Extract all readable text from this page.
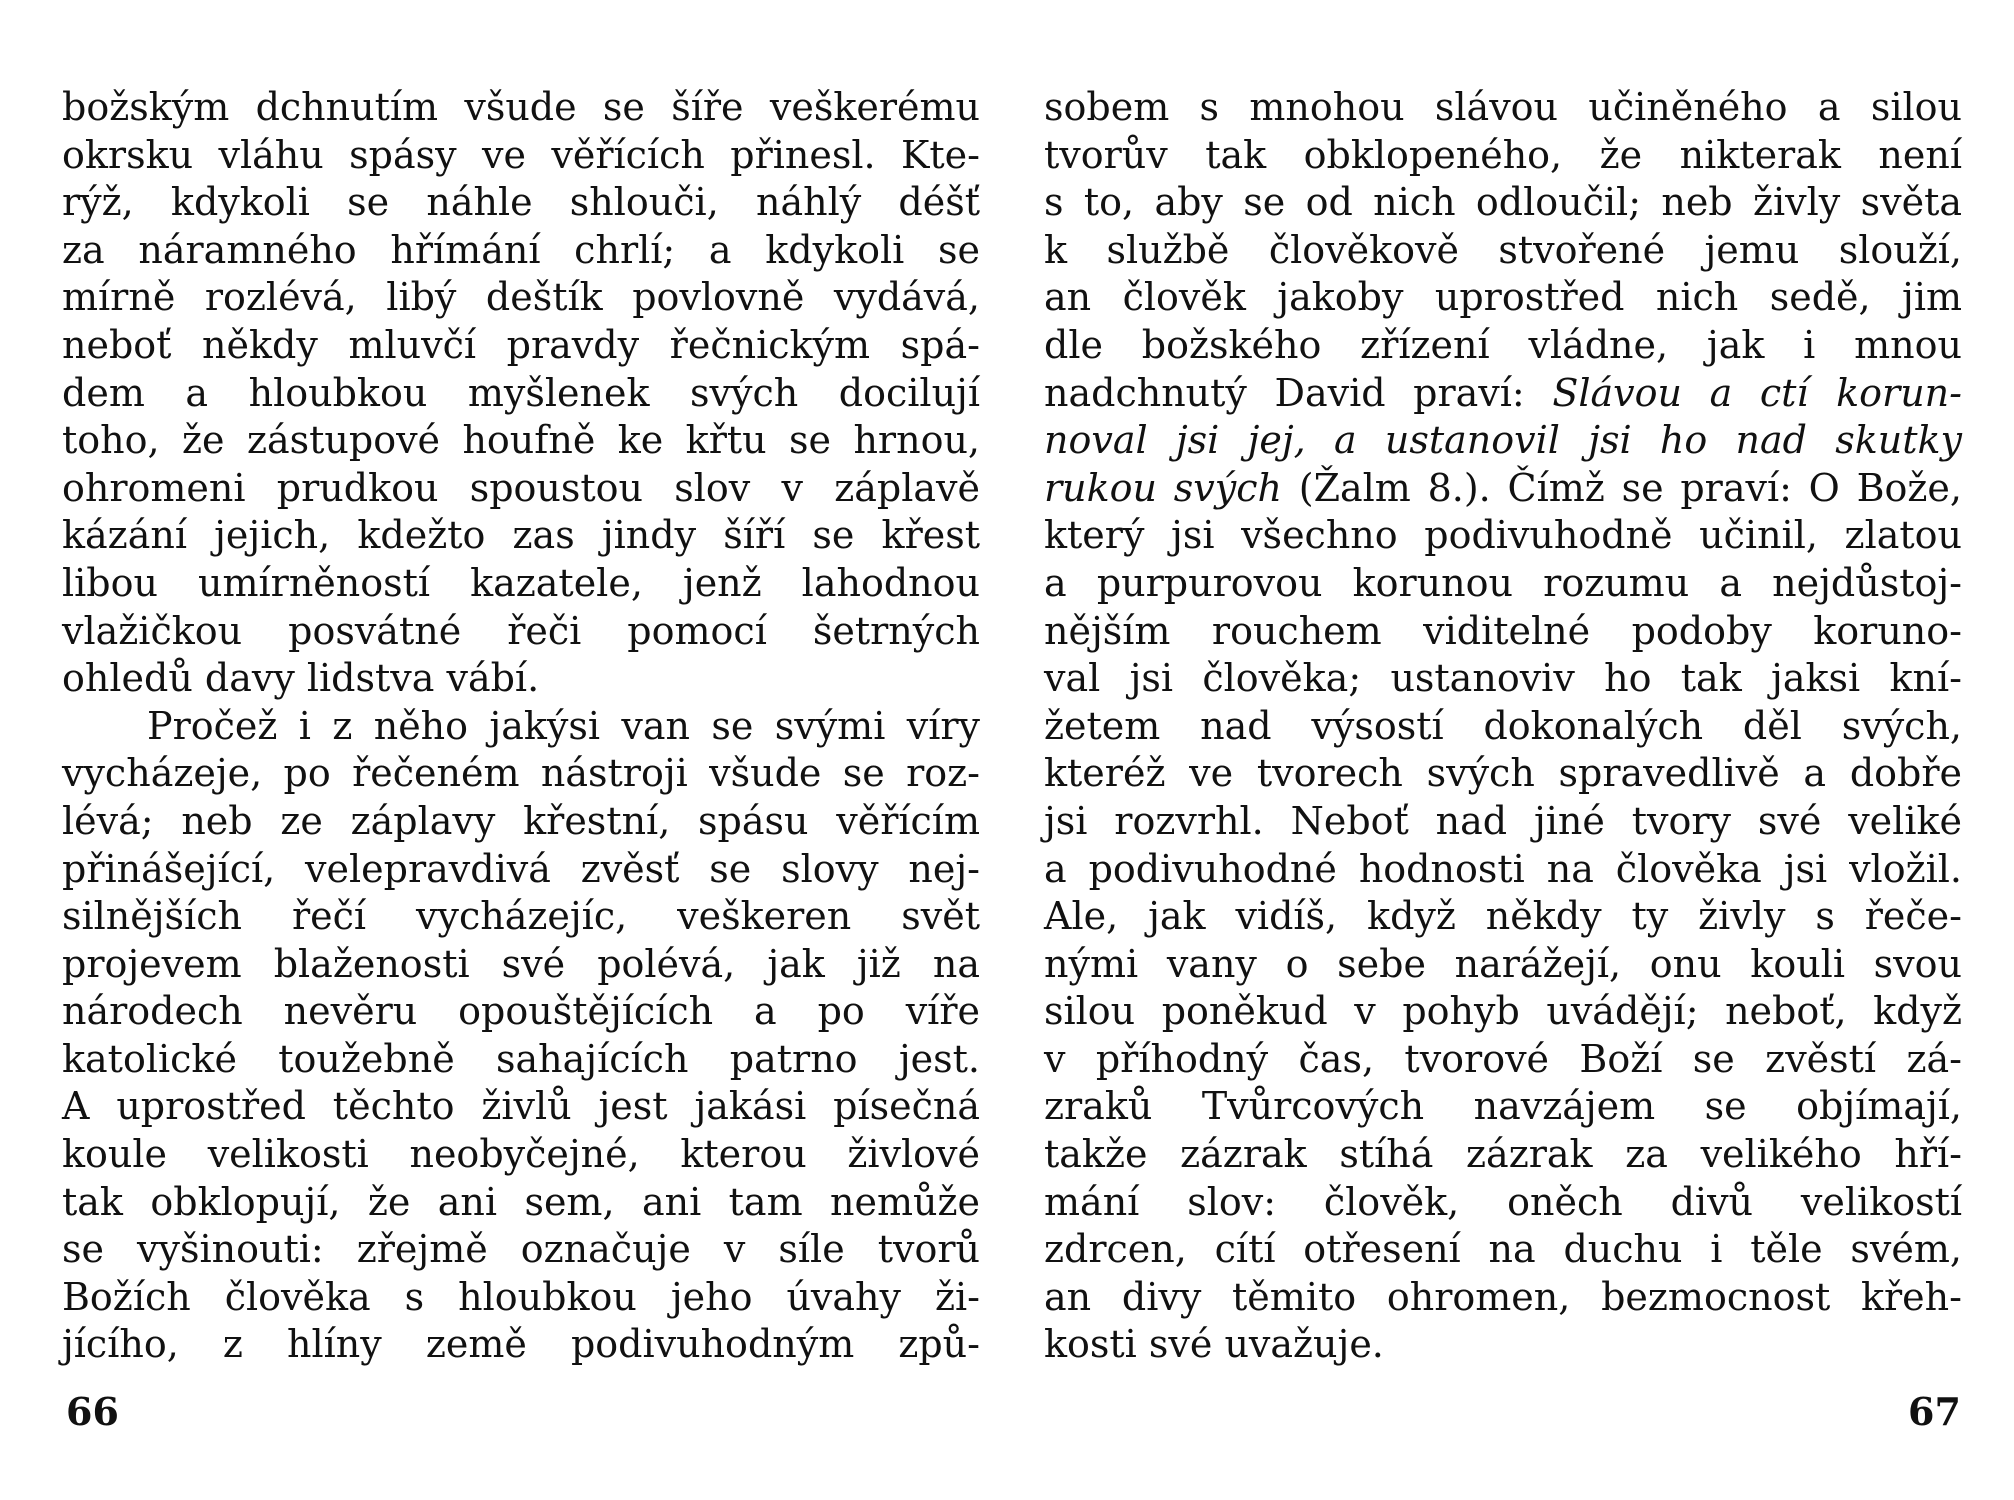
božským dchnutím všude se šíře veškerému
okrsku vláhu spásy ve věřících přinesl. Kte-
rýž, kdykoli se náhle shlouči, náhlý déšť
za náramného hřímání chrlí; a kdykoli se
mírně rozlévá, libý deštík povlovně vydává,
neboť někdy mluvčí pravdy řečnickým spá-
dem a hloubkou myšlenek svých docilují
toho, že zástupové houfně ke křtu se hrnou,
ohromeni prudkou spoustou slov v záplavě
kázání jejich, kdežto zas jindy šíří se křest
libou umírněností kazatele, jenž lahodnou
vlažičkou posvátné řeči pomocí šetrných
ohledů davy lidstva vábí.
Pročež i z něho jakýsi van se svými víry
vycházeje, po řečeném nástroji všude se roz-
lévá; neb ze záplavy křestní, spásu věřícím
přinášející, velepravdivá zvěsť se slovy nej-
silnějších řečí vycházejíc, veškeren svět
projevem blaženosti své polévá, jak již na
národech nevěru opouštějících a po víře
katolické toužebně sahajících patrno jest.
A uprostřed těchto živlů jest jakási písečná
koule velikosti neobyčejné, kterou živlové
tak obklopují, že ani sem, ani tam nemůže
se vyšinouti: zřejmě označuje v síle tvorů
Božích člověka s hloubkou jeho úvahy ži-
jícího, z hlíny země podivuhodným způ-
sobem s mnohou slávou učiněného a silou
tvorův tak obklopeného, že nikterak není
s to, aby se od nich odloučil; neb živly světa
k službě člověkově stvořené jemu slouží,
an člověk jakoby uprostřed nich sedě, jim
dle božského zřízení vládne, jak i mnou
nadchnutý David praví: Slávou a ctí korun-
noval jsi jej, a ustanovil jsi ho nad skutky
rukou svých (Žalm 8.). Čímž se praví: O Bože,
který jsi všechno podivuhodně učinil, zlatou
a purpurovou korunou rozumu a nejdůstoj-
nějším rouchem viditelné podoby koruno-
val jsi člověka; ustanoviv ho tak jaksi kní-
žetem nad výsostí dokonalých děl svých,
kteréž ve tvorech svých spravedlivě a dobře
jsi rozvrhl. Neboť nad jiné tvory své veliké
a podivuhodné hodnosti na člověka jsi vložil.
Ale, jak vidíš, když někdy ty živly s řeče-
nými vany o sebe narážejí, onu kouli svou
silou poněkud v pohyb uvádějí; neboť, když
v příhodný čas, tvorové Boží se zvěstí zá-
zraků Tvůrcových navzájem se objímají,
takže zázrak stíhá zázrak za velikého hří-
mání slov: člověk, oněch divů velikostí
zdrcen, cítí otřesení na duchu i těle svém,
an divy těmito ohromen, bezmocnost křeh-
kosti své uvažuje.
66	67
